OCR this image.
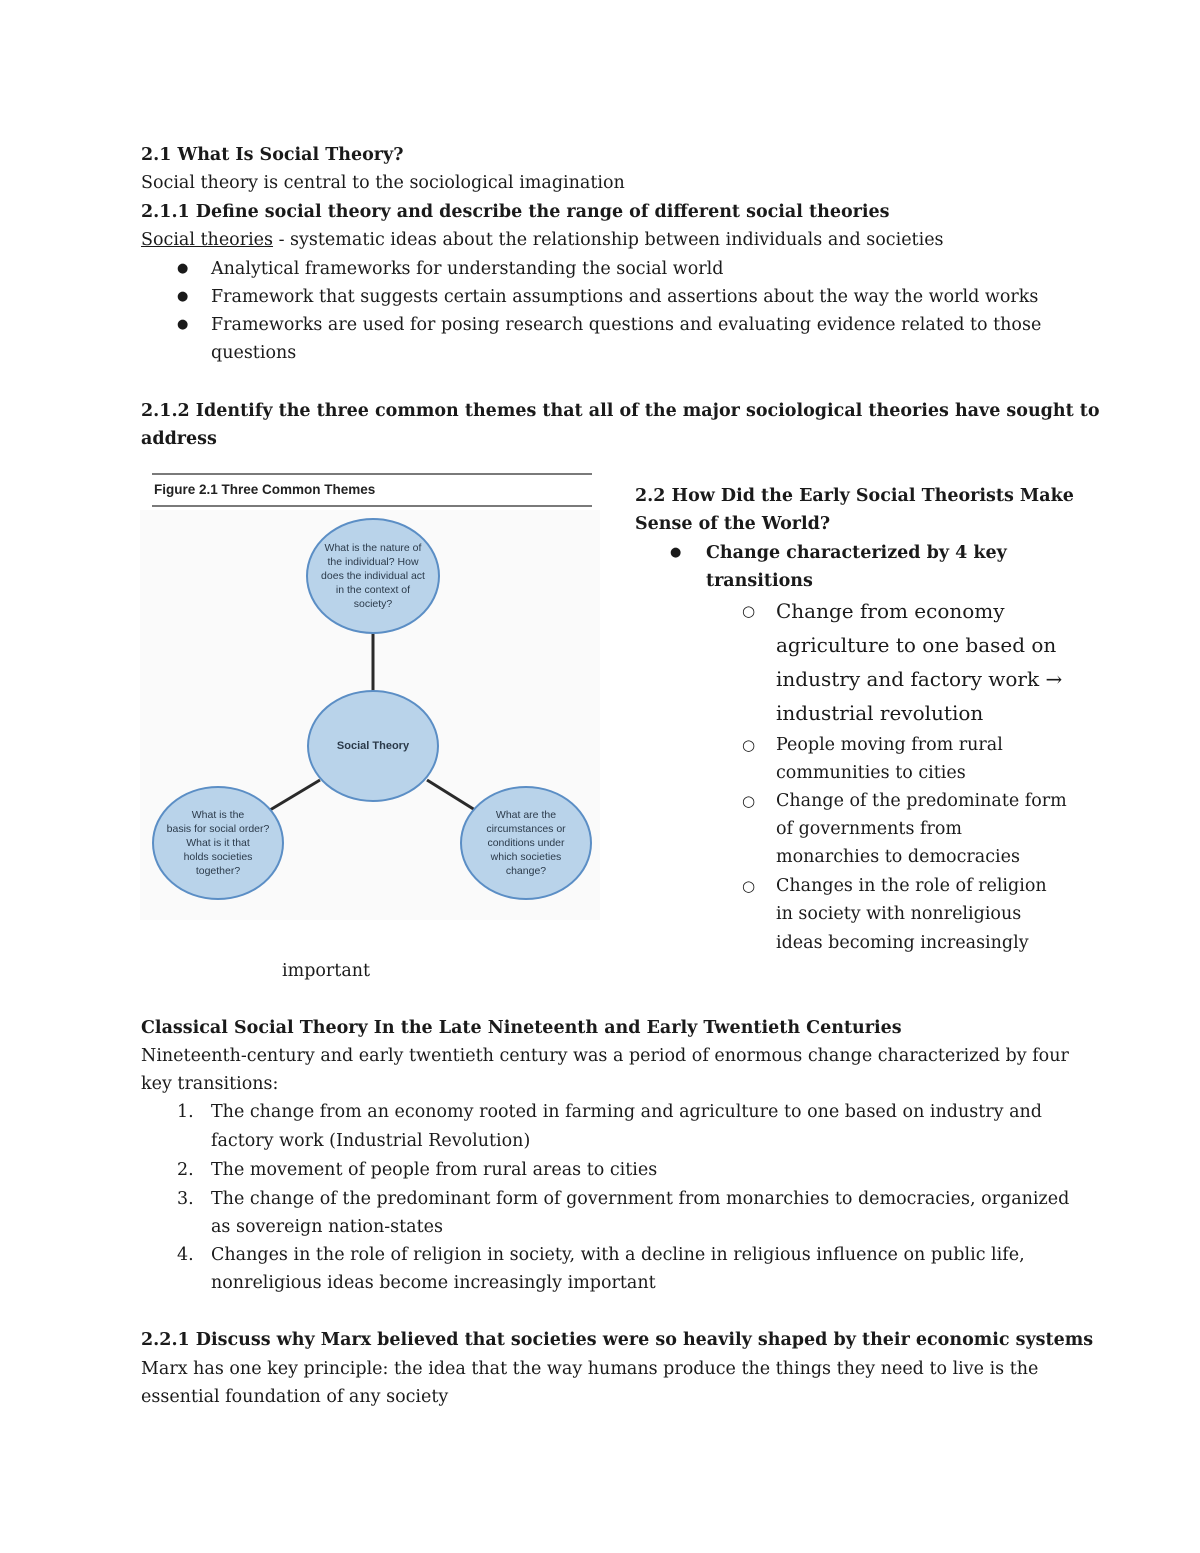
2.1 What Is Social Theory?
Social theory is central to the sociological imagination
2.1.1 Define social theory and describe the range of different social theories
Social theories - systematic ideas about the relationship between individuals and societies
● Analytical frameworks for understanding the social world
● Framework that suggests certain assumptions and assertions about the way the world works
● Frameworks are used for posing research questions and evaluating evidence related to those
questions
2.1.2 Identify the three common themes that all of the major sociological theories have sought to
address
Figure 2.1 Three Common Themes
What is the nature of
the individual? How
does the individual act
in the context of
society?
Social Theory
What is the
basis for social order?
What is it that
holds societies
together?
What are the
circumstances or
conditions under
which societies
change?
2.2 How Did the Early Social Theorists Make
Sense of the World?
● Change characterized by 4 key
transitions
○ Change from economy
agriculture to one based on
industry and factory work →
industrial revolution
○ People moving from rural
communities to cities
○ Change of the predominate form
of governments from
monarchies to democracies
○ Changes in the role of religion
in society with nonreligious
ideas becoming increasingly
important
Classical Social Theory In the Late Nineteenth and Early Twentieth Centuries
Nineteenth-century and early twentieth century was a period of enormous change characterized by four
key transitions:
1. The change from an economy rooted in farming and agriculture to one based on industry and
factory work (Industrial Revolution)
2. The movement of people from rural areas to cities
3. The change of the predominant form of government from monarchies to democracies, organized
as sovereign nation-states
4. Changes in the role of religion in society, with a decline in religious influence on public life,
nonreligious ideas become increasingly important
2.2.1 Discuss why Marx believed that societies were so heavily shaped by their economic systems
Marx has one key principle: the idea that the way humans produce the things they need to live is the
essential foundation of any society
